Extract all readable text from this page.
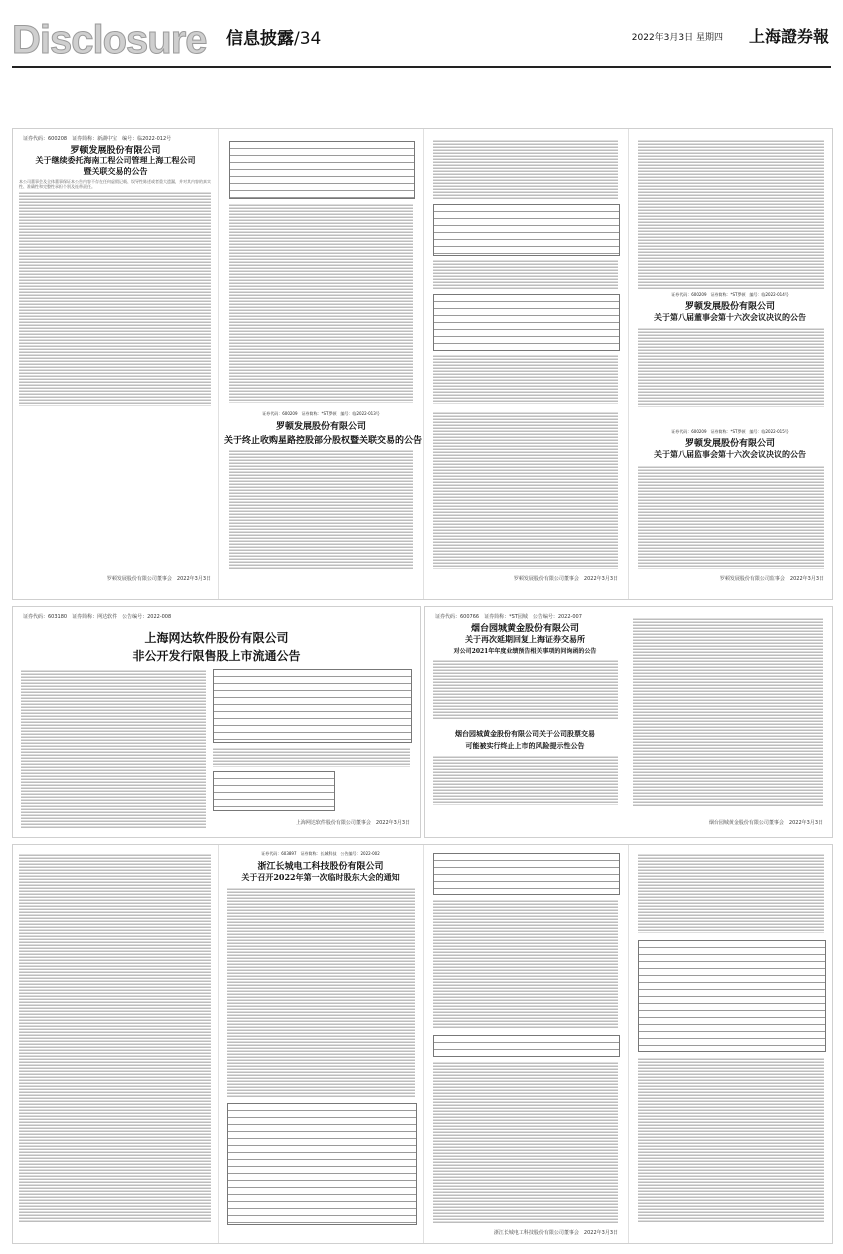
Disclosure 信息披露/34	2022年3月3日 星期四 上海證券報
证券代码：600208　证券简称：新湖中宝　编号：临2022-012号
罗顿发展股份有限公司
关于继续委托海南工程公司管理上海工程公司
暨关联交易的公告
本公司董事会及全体董事保证本公告内容不存在任何虚假记载、误导性陈述或者重大遗漏，并对其内容的真实性、准确性和完整性承担个别及连带责任。
罗顿发展股份有限公司董事会　2022年3月3日
证券代码：600209　证券简称：*ST罗顿　编号：临2022-014号
罗顿发展股份有限公司
关于第八届董事会第十六次会议决议的公告
证券代码：600209　证券简称：*ST罗顿　编号：临2022-013号
罗顿发展股份有限公司
关于终止收购星路控股部分股权暨关联交易的公告
罗顿发展股份有限公司董事会　2022年3月3日
证券代码：600209　证券简称：*ST罗顿　编号：临2022-015号
罗顿发展股份有限公司
关于第八届监事会第十六次会议决议的公告
罗顿发展股份有限公司监事会　2022年3月3日
证券代码：603180　证券简称：网达软件　公告编号：2022-008
上海网达软件股份有限公司
非公开发行限售股上市流通公告
上海网达软件股份有限公司董事会　2022年3月3日
证券代码：600766　证券简称：*ST园城　公告编号：2022-007
烟台园城黄金股份有限公司
关于再次延期回复上海证券交易所
对公司2021年年度业绩预告相关事项的问询函的公告
烟台园城黄金股份有限公司关于公司股票交易
可能被实行终止上市的风险提示性公告
烟台园城黄金股份有限公司董事会　2022年3月3日
证券代码：603897　证券简称：长城科技　公告编号：2022-002
浙江长城电工科技股份有限公司
关于召开2022年第一次临时股东大会的通知
浙江长城电工科技股份有限公司董事会　2022年3月3日
